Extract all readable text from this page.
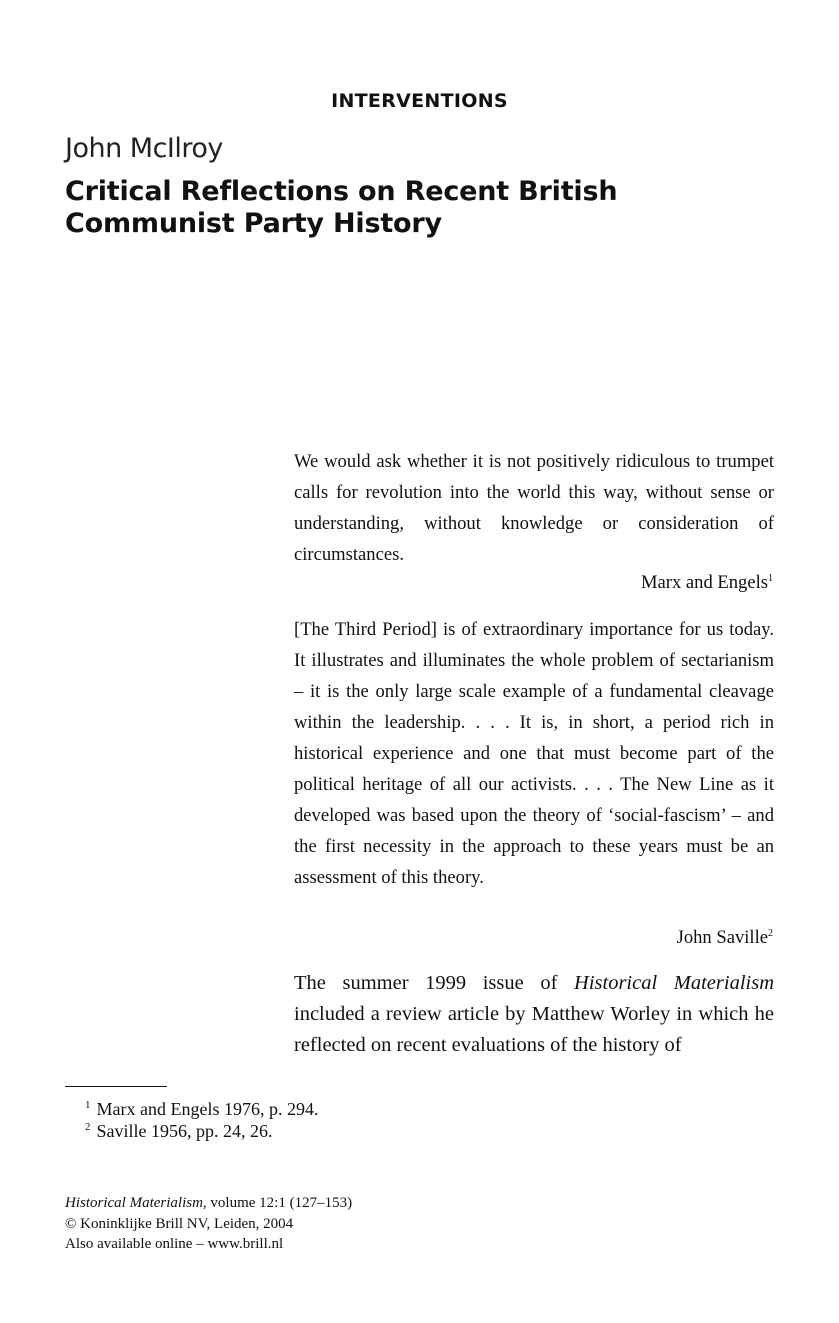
INTERVENTIONS
John McIlroy
Critical Reflections on Recent British Communist Party History

We would ask whether it is not positively ridiculous to trumpet calls for revolution into the world this way, without sense or understanding, without knowledge or consideration of circumstances.

Marx and Engels$^1$

[The Third Period] is of extraordinary importance for us today. It illustrates and illuminates the whole problem of sectarianism – it is the only large scale example of a fundamental cleavage within the leadership. . . . It is, in short, a period rich in historical experience and one that must become part of the political heritage of all our activists. . . . The New Line as it developed was based upon the theory of ‘social-fascism’ – and the first necessity in the approach to these years must be an assessment of this theory.

John Saville$^2$

The summer 1999 issue of Historical Materialism included a review article by Matthew Worley in which he reflected on recent evaluations of the history of

$^1$ Marx and Engels 1976, p. 294.
$^2$ Saville 1956, pp. 24, 26.
Historical Materialism, volume 12:1 (127–153)
© Koninklijke Brill NV, Leiden, 2004
Also available online – www.brill.nl
